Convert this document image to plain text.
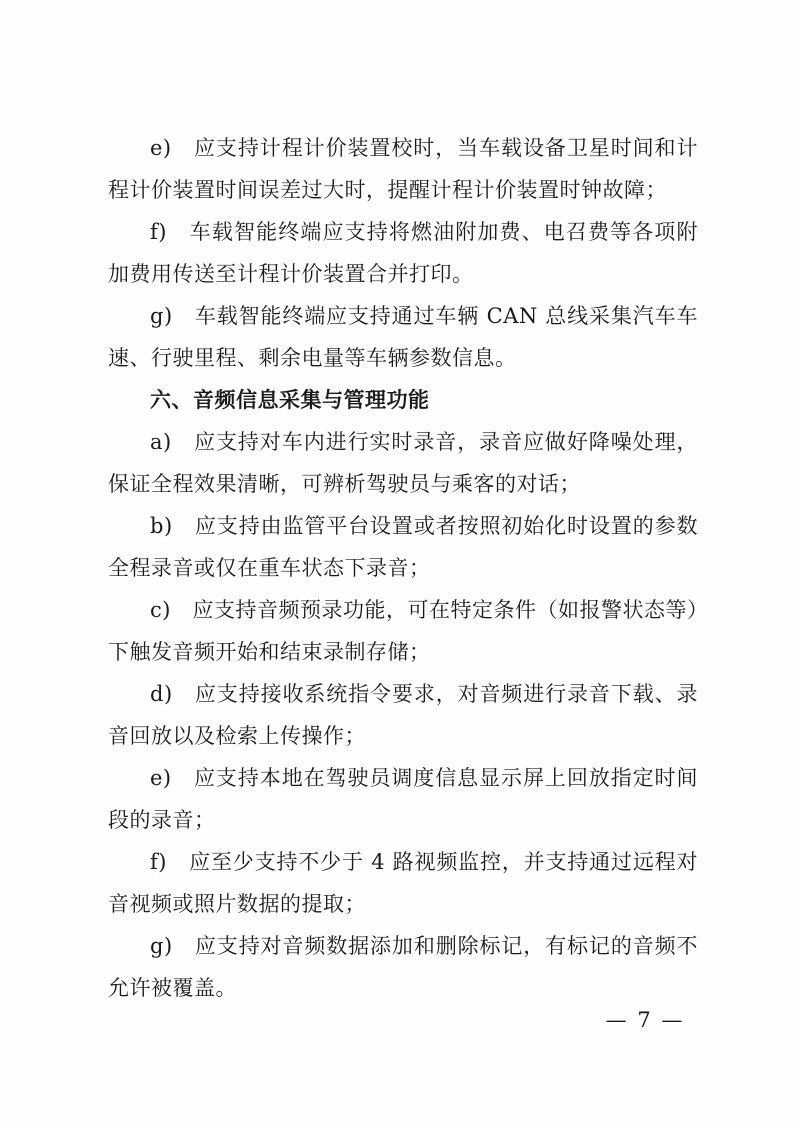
e)　应支持计程计价装置校时，当车载设备卫星时间和计程计价装置时间误差过大时，提醒计程计价装置时钟故障；

f)　车载智能终端应支持将燃油附加费、电召费等各项附加费用传送至计程计价装置合并打印。

g)　车载智能终端应支持通过车辆 CAN 总线采集汽车车速、行驶里程、剩余电量等车辆参数信息。

六、音频信息采集与管理功能

a)　应支持对车内进行实时录音，录音应做好降噪处理，保证全程效果清晰，可辨析驾驶员与乘客的对话；

b)　应支持由监管平台设置或者按照初始化时设置的参数全程录音或仅在重车状态下录音；

c)　应支持音频预录功能，可在特定条件（如报警状态等）下触发音频开始和结束录制存储；

d)　应支持接收系统指令要求，对音频进行录音下载、录音回放以及检索上传操作；

e)　应支持本地在驾驶员调度信息显示屏上回放指定时间段的录音；

f)　应至少支持不少于 4 路视频监控，并支持通过远程对音视频或照片数据的提取；

g)　应支持对音频数据添加和删除标记，有标记的音频不允许被覆盖。

— 7 —
